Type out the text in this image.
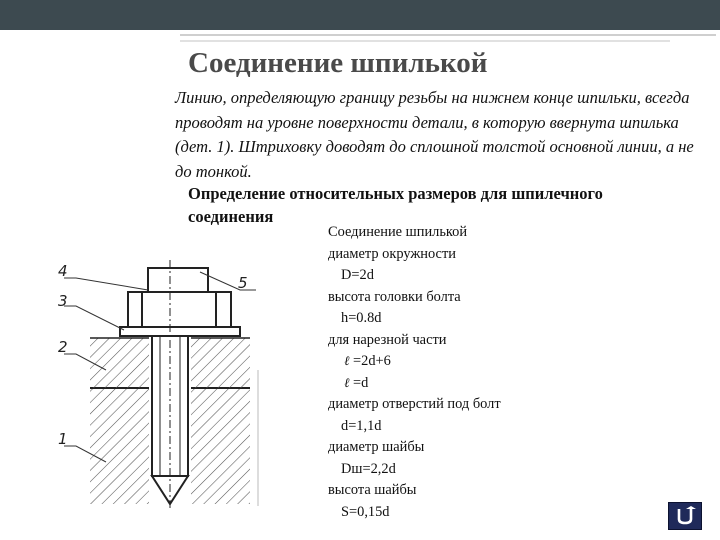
Соединение шпилькой
Линию, определяющую границу резьбы на нижнем конце шпильки, всегда проводят на уровне поверхности детали, в которую ввернута шпилька (дет. 1). Штриховку доводят до сплошной толстой основной линии, а не до тонкой.
Определение относительных размеров для шпилечного соединения
Соединение шпилькой
диаметр окружности
D=2d
высота головки болта
h=0.8d
для нарезной части
ℓ =2d+6
ℓ =d
диаметр отверстий под болт
d=1,1d
диаметр шайбы
Dш=2,2d
высота шайбы
S=0,15d
4
3
2
1
5
